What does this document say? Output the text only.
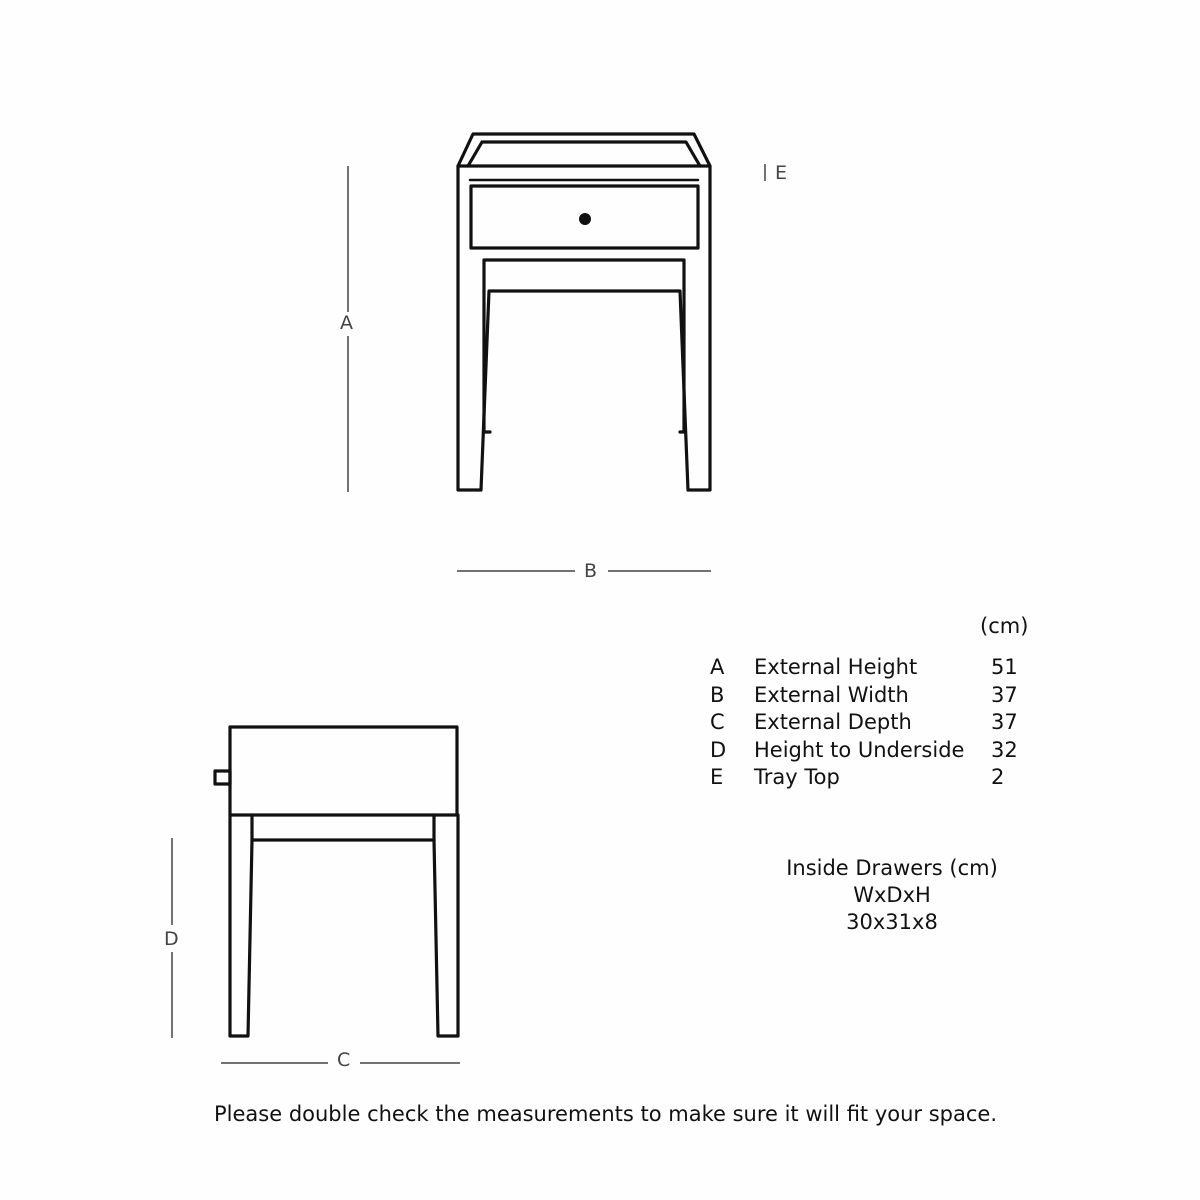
A
B
C
D
E
(cm)
A	External Height	51
B	External Width	37
C	External Depth	37
D	Height to Underside	32
E	Tray Top	2
Inside Drawers (cm)
WxDxH
30x31x8
Please double check the measurements to make sure it will fit your space.
